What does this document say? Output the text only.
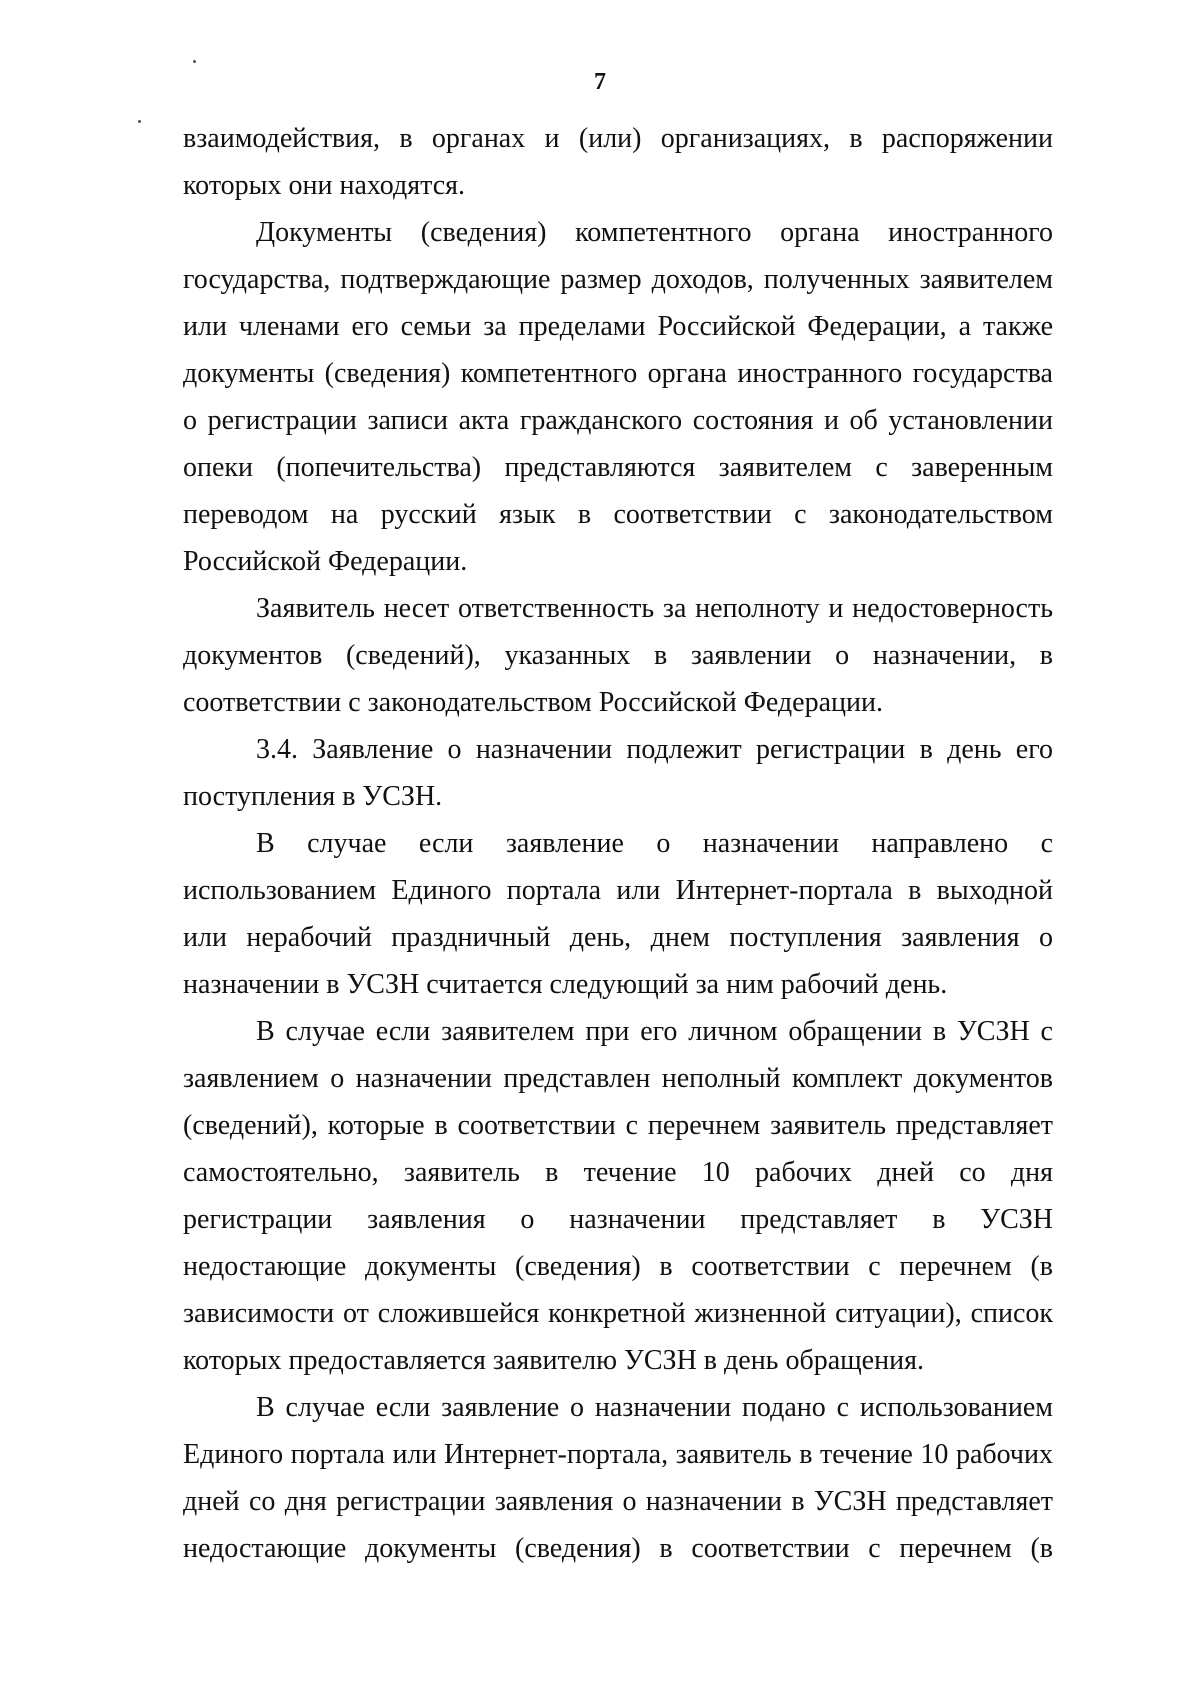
7

взаимодействия, в органах и (или) организациях, в распоряжении которых они находятся.

Документы (сведения) компетентного органа иностранного государства, подтверждающие размер доходов, полученных заявителем или членами его семьи за пределами Российской Федерации, а также документы (сведения) компетентного органа иностранного государства о регистрации записи акта гражданского состояния и об установлении опеки (попечительства) представляются заявителем с заверенным переводом на русский язык в соответствии с законодательством Российской Федерации.

Заявитель несет ответственность за неполноту и недостоверность документов (сведений), указанных в заявлении о назначении, в соответствии с законодательством Российской Федерации.

3.4. Заявление о назначении подлежит регистрации в день его поступления в УСЗН.

В случае если заявление о назначении направлено с использованием Единого портала или Интернет-портала в выходной или нерабочий праздничный день, днем поступления заявления о назначении в УСЗН считается следующий за ним рабочий день.

В случае если заявителем при его личном обращении в УСЗН с заявлением о назначении представлен неполный комплект документов (сведений), которые в соответствии с перечнем заявитель представляет самостоятельно, заявитель в течение 10 рабочих дней со дня регистрации заявления о назначении представляет в УСЗН недостающие документы (сведения) в соответствии с перечнем (в зависимости от сложившейся конкретной жизненной ситуации), список которых предоставляется заявителю УСЗН в день обращения.

В случае если заявление о назначении подано с использованием Единого портала или Интернет-портала, заявитель в течение 10 рабочих дней со дня регистрации заявления о назначении в УСЗН представляет недостающие документы (сведения) в соответствии с перечнем (в
